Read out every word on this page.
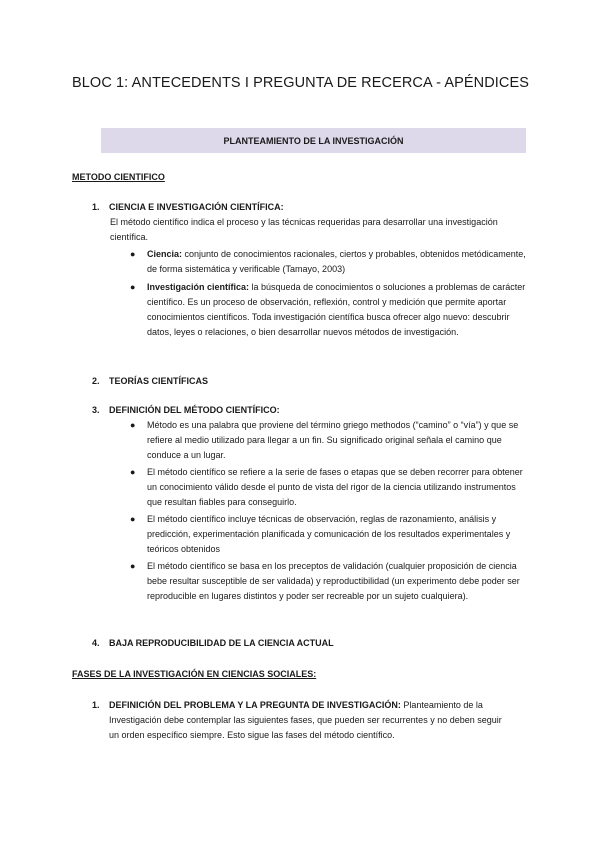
BLOC 1: ANTECEDENTS I PREGUNTA DE RECERCA - APÉNDICES
PLANTEAMIENTO DE LA INVESTIGACIÓN
METODO CIENTIFICO
1.	CIENCIA E INVESTIGACIÓN CIENTÍFICA:
El método científico indica el proceso y las técnicas requeridas para desarrollar una investigación científica.
● Ciencia: conjunto de conocimientos racionales, ciertos y probables, obtenidos metódicamente, de forma sistemática y verificable (Tamayo, 2003)
● Investigación científica: la búsqueda de conocimientos o soluciones a problemas de carácter científico. Es un proceso de observación, reflexión, control y medición que permite aportar conocimientos científicos. Toda investigación científica busca ofrecer algo nuevo: descubrir datos, leyes o relaciones, o bien desarrollar nuevos métodos de investigación.
2.	TEORÍAS CIENTÍFICAS
3.	DEFINICIÓN DEL MÉTODO CIENTÍFICO:
● Método es una palabra que proviene del término griego methodos (“camino” o “vía”) y que se refiere al medio utilizado para llegar a un fin. Su significado original señala el camino que conduce a un lugar.
● El método científico se refiere a la serie de fases o etapas que se deben recorrer para obtener un conocimiento válido desde el punto de vista del rigor de la ciencia utilizando instrumentos que resultan fiables para conseguirlo.
● El método científico incluye técnicas de observación, reglas de razonamiento, análisis y predicción, experimentación planificada y comunicación de los resultados experimentales y teóricos obtenidos
● El método científico se basa en los preceptos de validación (cualquier proposición de ciencia bebe resultar susceptible de ser validada) y reproductibilidad (un experimento debe poder ser reproducible en lugares distintos y poder ser recreable por un sujeto cualquiera).
4.	BAJA REPRODUCIBILIDAD DE LA CIENCIA ACTUAL
FASES DE LA INVESTIGACIÓN EN CIENCIAS SOCIALES:
1.	DEFINICIÓN DEL PROBLEMA Y LA PREGUNTA DE INVESTIGACIÓN: Planteamiento de la Investigación debe contemplar las siguientes fases, que pueden ser recurrentes y no deben seguir un orden específico siempre. Esto sigue las fases del método científico.
